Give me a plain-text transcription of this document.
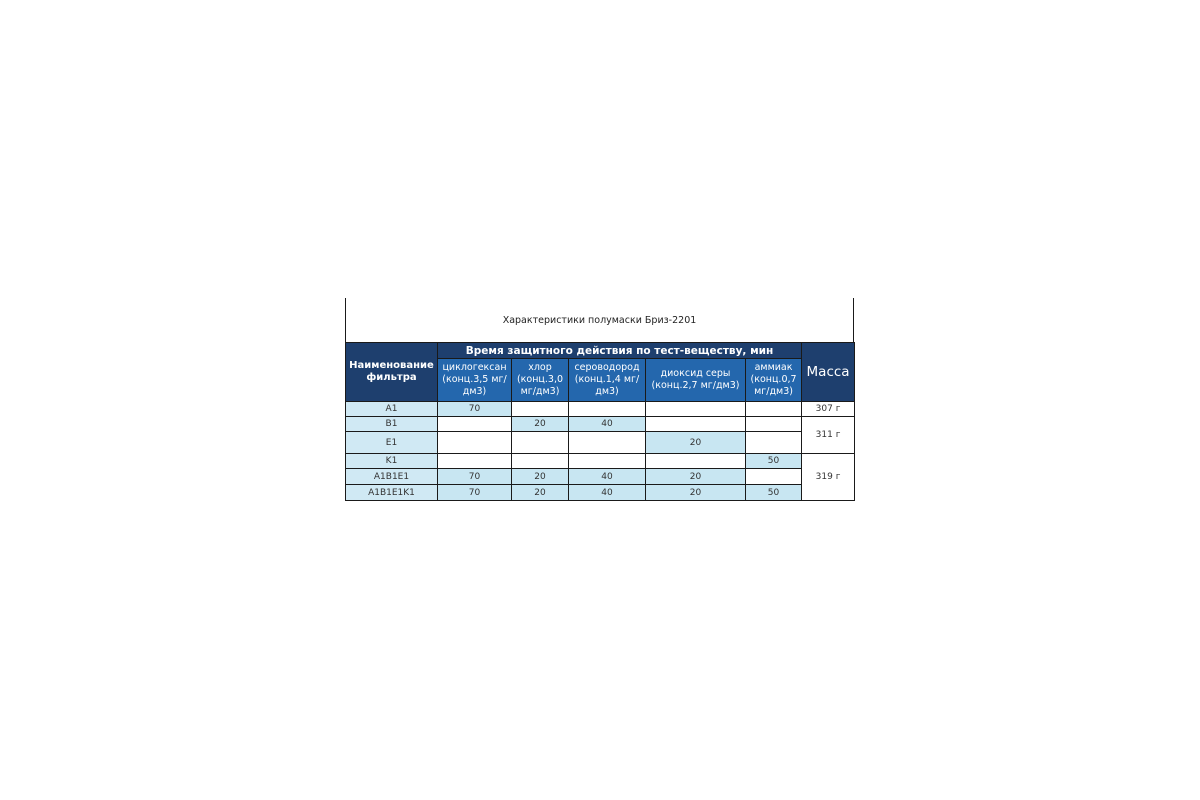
Характеристики полумаски Бриз-2201
Наименование фильтра	Время защитного действия по тест-веществу, мин					Масса
	циклогексан (конц.3,5 мг/дм3)	хлор (конц.3,0 мг/дм3)	сероводород (конц.1,4 мг/дм3)	диоксид серы (конц.2,7 мг/дм3)	аммиак (конц.0,7 мг/дм3)	
A1	70					307 г
B1		20	40			311 г
E1				20		
K1					50	319 г
A1B1E1	70	20	40	20		
A1B1E1K1	70	20	40	20	50	
